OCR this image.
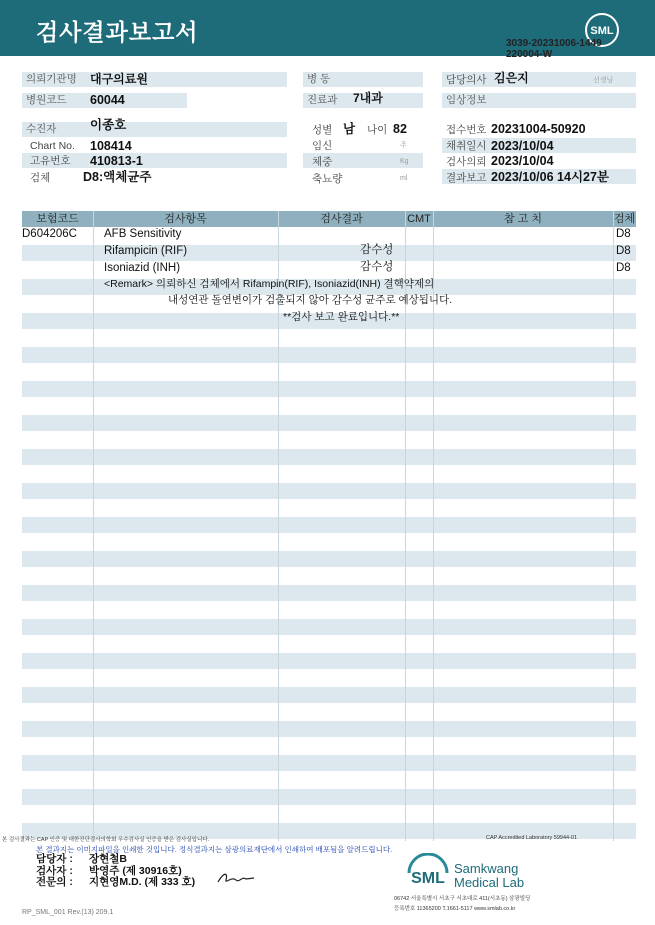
검사결과보고서	SML
3039-20231006-1449
220004-W
의뢰기관명	대구의료원
병원코드	60044
수진자	이종호
Chart No. 108414
고유번호 410813-1
검체	D8:액체균주
병 동
진료과	7내과
성별 남 나이 82
임신	주
체중	Kg
축뇨량	ml
담당의사 김은지	선생님
임상정보
접수번호 20231004-50920
채취일시 2023/10/04
검사의뢰 2023/10/04
결과보고 2023/10/06 14시27분
보험코드	검사항목	검사결과	CMT	참 고 치	검체
D604206C AFB Sensitivity	D8
Rifampicin (RIF)	감수성	D8
Isoniazid (INH)	감수성	D8
<Remark> 의뢰하신 검체에서 Rifampin(RIF), Isoniazid(INH) 결핵약제의
내성연관 돌연변이가 검출되지 않아 감수성 균주로 예상됩니다.
**검사 보고 완료입니다.**
본 검사결과는 CAP 인증 및 대한진단검사의학회 우수검사실 인증을 받은 검사실입니다.	CAP Accredited Laboratory 59944-01
본 결과지는 이미지파일을 인쇄한 것입니다. 정식결과지는 삼광의료재단에서 인쇄하여 배포됨을 알려드립니다.
담당자 : 장현철B
검사자 : 박영주 (제 30916호)
전문의 : 지현영M.D. (제 333 호)	SML
Samkwang
Medical Lab
06742 서울특별시 서초구 서초대로 411(서초동) 삼광빌딩
등록번호 11365200 T.1661-5117 www.smlab.co.kr
RP_SML_001 Rev.(13) 209.1
